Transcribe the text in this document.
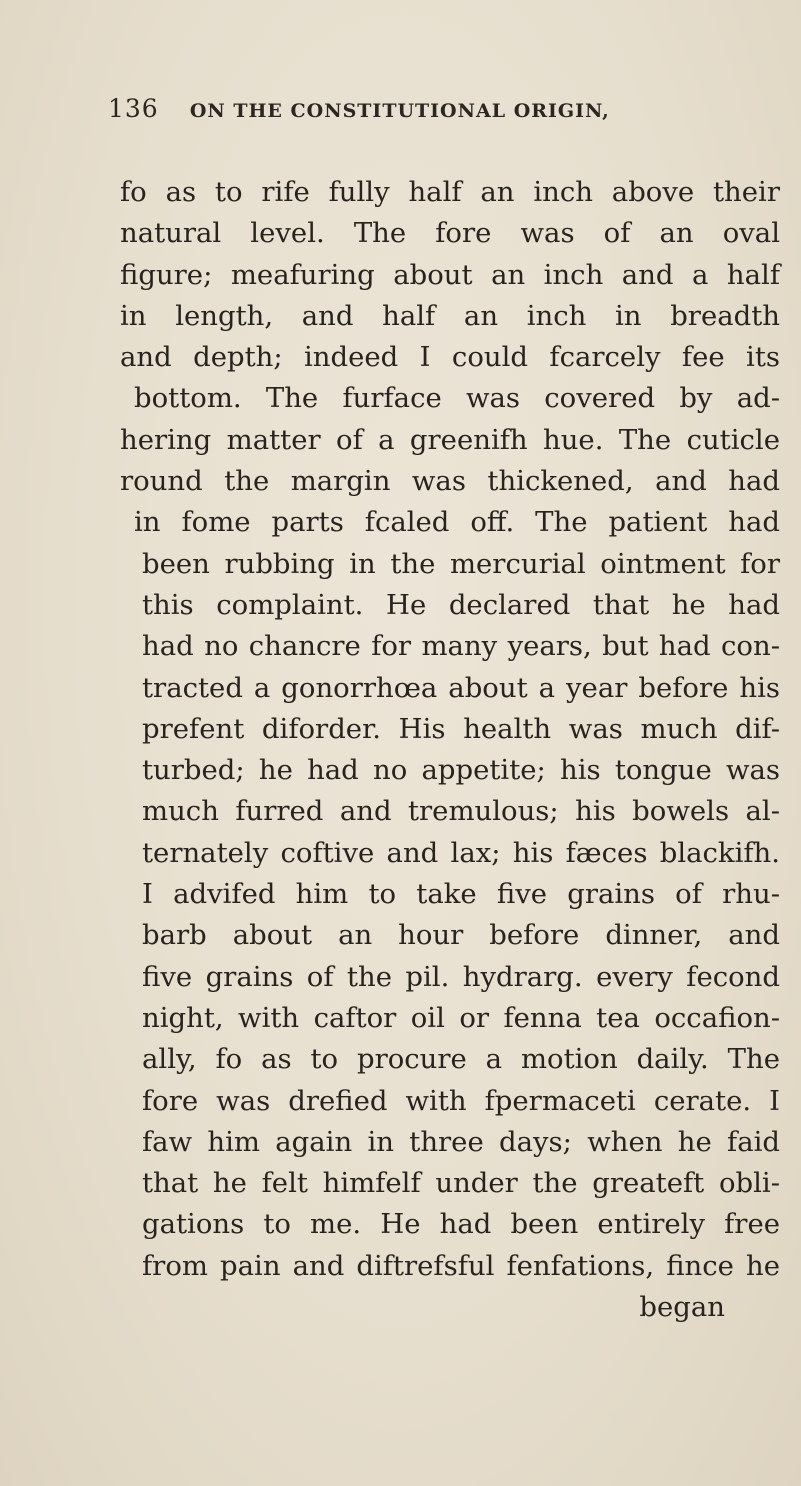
136 ON THE CONSTITUTIONAL ORIGIN,
fo as to rife fully half an inch above their
natural level. The fore was of an oval
figure; meafuring about an inch and a half
in length, and half an inch in breadth
and depth; indeed I could fcarcely fee its
bottom. The furface was covered by ad-
hering matter of a greenifh hue. The cuticle
round the margin was thickened, and had
in fome parts fcaled off. The patient had
been rubbing in the mercurial ointment for
this complaint. He declared that he had
had no chancre for many years, but had con-
tracted a gonorrhœa about a year before his
prefent diforder. His health was much dif-
turbed; he had no appetite; his tongue was
much furred and tremulous; his bowels al-
ternately coftive and lax; his fæces blackifh.
I advifed him to take five grains of rhu-
barb about an hour before dinner, and
five grains of the pil. hydrarg. every fecond
night, with caftor oil or fenna tea occafion-
ally, fo as to procure a motion daily. The
fore was drefied with fpermaceti cerate. I
faw him again in three days; when he faid
that he felt himfelf under the greateft obli-
gations to me. He had been entirely free
from pain and diftrefsful fenfations, fince he
began
